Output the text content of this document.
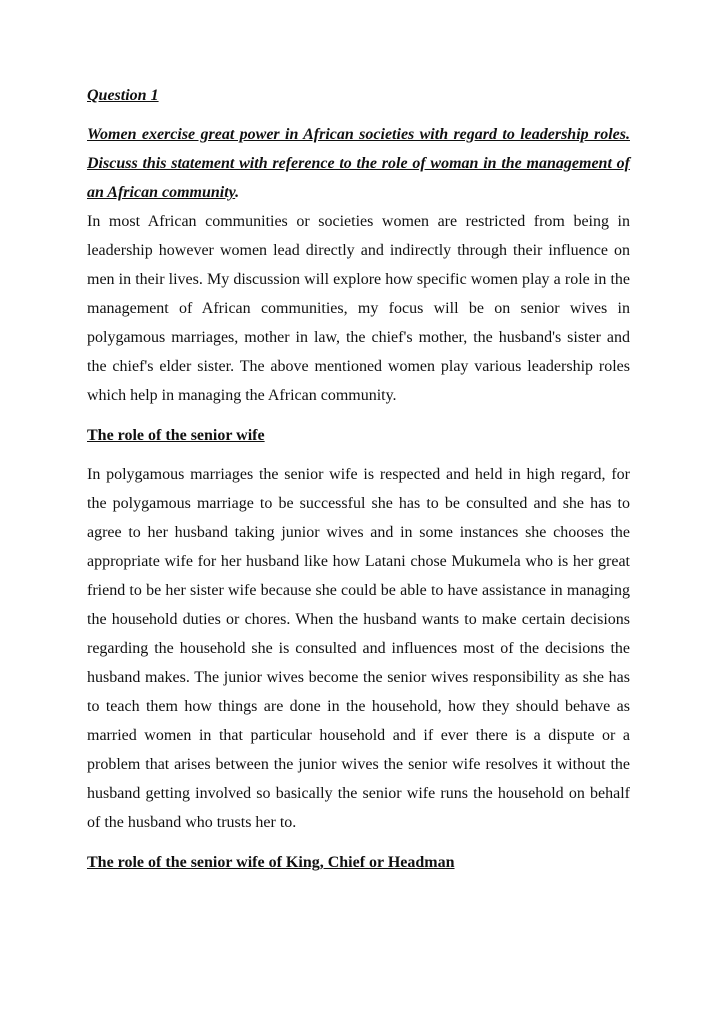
Question 1

Women exercise great power in African societies with regard to leadership roles. Discuss this statement with reference to the role of woman in the management of an African community.

In most African communities or societies women are restricted from being in leadership however women lead directly and indirectly through their influence on men in their lives. My discussion will explore how specific women play a role in the management of African communities, my focus will be on senior wives in polygamous marriages, mother in law, the chief's mother, the husband's sister and the chief's elder sister. The above mentioned women play various leadership roles which help in managing the African community.

The role of the senior wife

In polygamous marriages the senior wife is respected and held in high regard, for the polygamous marriage to be successful she has to be consulted and she has to agree to her husband taking junior wives and in some instances she chooses the appropriate wife for her husband like how Latani chose Mukumela who is her great friend to be her sister wife because she could be able to have assistance in managing the household duties or chores. When the husband wants to make certain decisions regarding the household she is consulted and influences most of the decisions the husband makes. The junior wives become the senior wives responsibility as she has to teach them how things are done in the household, how they should behave as married women in that particular household and if ever there is a dispute or a problem that arises between the junior wives the senior wife resolves it without the husband getting involved so basically the senior wife runs the household on behalf of the husband who trusts her to.

The role of the senior wife of King, Chief or Headman
